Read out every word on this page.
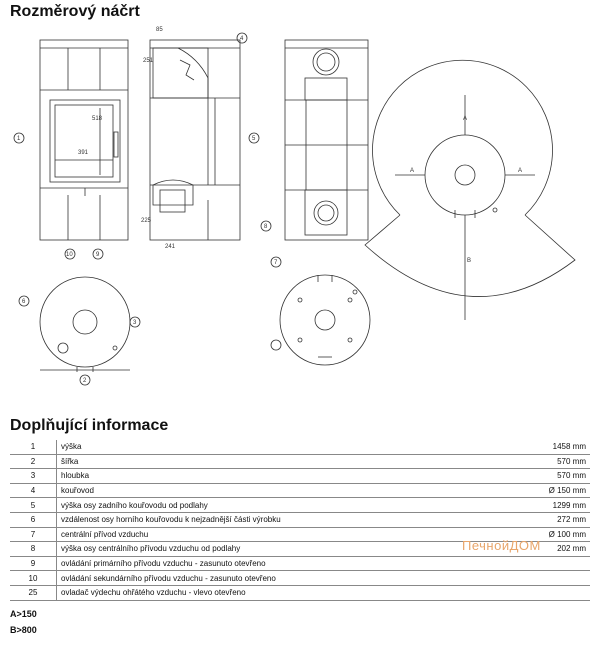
Rozměrový náčrt
85
251
518
391
225
241
A
A	A
B
1
2
3
4
5
6
7
8
9
10
Doplňující informace
1	výška	1458 mm
2	šířka	570 mm
3	hloubka	570 mm
4	kouřovod	Ø 150 mm
5	výška osy zadního kouřovodu od podlahy	1299 mm
6	vzdálenost osy horního kouřovodu k nejzadnější části výrobku	272 mm
7	centrální přívod vzduchu	Ø 100 mm
8	výška osy centrálního přívodu vzduchu od podlahy	202 mm
9	ovládání primárního přívodu vzduchu - zasunuto otevřeno	
10	ovládání sekundárního přívodu vzduchu - zasunuto otevřeno	
25	ovladač výdechu ohřátého vzduchu - vlevo otevřeno	
A>150
B>800
ПечнойДОМ
